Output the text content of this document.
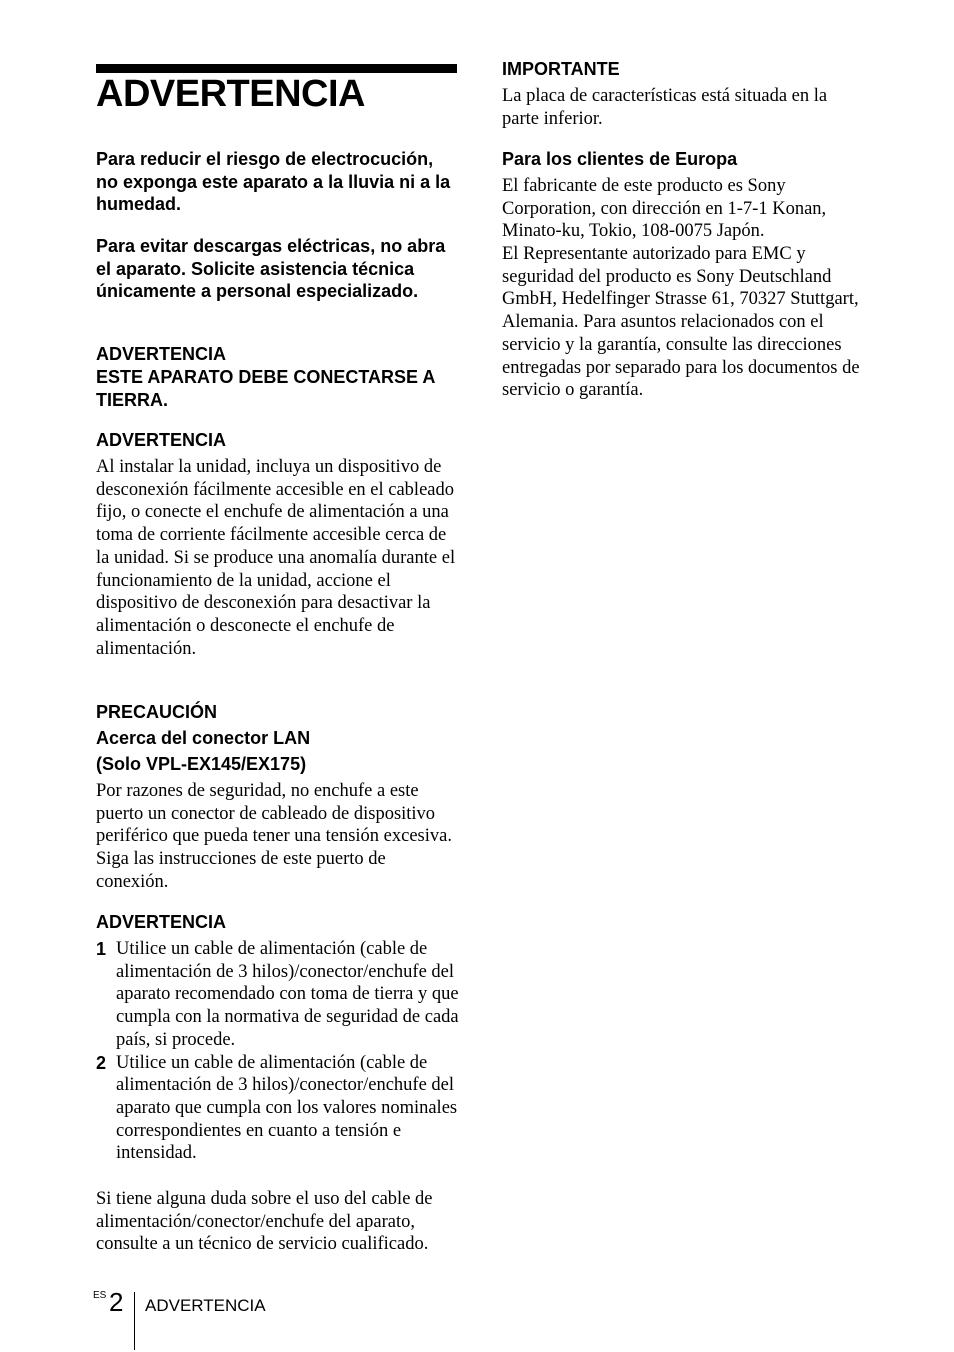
ADVERTENCIA

Para reducir el riesgo de electrocución, no exponga este aparato a la lluvia ni a la humedad.

Para evitar descargas eléctricas, no abra el aparato. Solicite asistencia técnica únicamente a personal especializado.

ADVERTENCIA

ESTE APARATO DEBE CONECTARSE A TIERRA.

ADVERTENCIA

Al instalar la unidad, incluya un dispositivo de desconexión fácilmente accesible en el cableado fijo, o conecte el enchufe de alimentación a una toma de corriente fácilmente accesible cerca de la unidad. Si se produce una anomalía durante el funcionamiento de la unidad, accione el dispositivo de desconexión para desactivar la alimentación o desconecte el enchufe de alimentación.

PRECAUCIÓN

Acerca del conector LAN

(Solo VPL-EX145/EX175)

Por razones de seguridad, no enchufe a este puerto un conector de cableado de dispositivo periférico que pueda tener una tensión excesiva. Siga las instrucciones de este puerto de conexión.

ADVERTENCIA

1 Utilice un cable de alimentación (cable de alimentación de 3 hilos)/conector/enchufe del aparato recomendado con toma de tierra y que cumpla con la normativa de seguridad de cada país, si procede.
2 Utilice un cable de alimentación (cable de alimentación de 3 hilos)/conector/enchufe del aparato que cumpla con los valores nominales correspondientes en cuanto a tensión e intensidad.

Si tiene alguna duda sobre el uso del cable de alimentación/conector/enchufe del aparato, consulte a un técnico de servicio cualificado.

IMPORTANTE

La placa de características está situada en la parte inferior.

Para los clientes de Europa

El fabricante de este producto es Sony Corporation, con dirección en 1-7-1 Konan, Minato-ku, Tokio, 108-0075 Japón.

El Representante autorizado para EMC y seguridad del producto es Sony Deutschland GmbH, Hedelfinger Strasse 61, 70327 Stuttgart, Alemania. Para asuntos relacionados con el servicio y la garantía, consulte las direcciones entregadas por separado para los documentos de servicio o garantía.

ES 2 ADVERTENCIA
